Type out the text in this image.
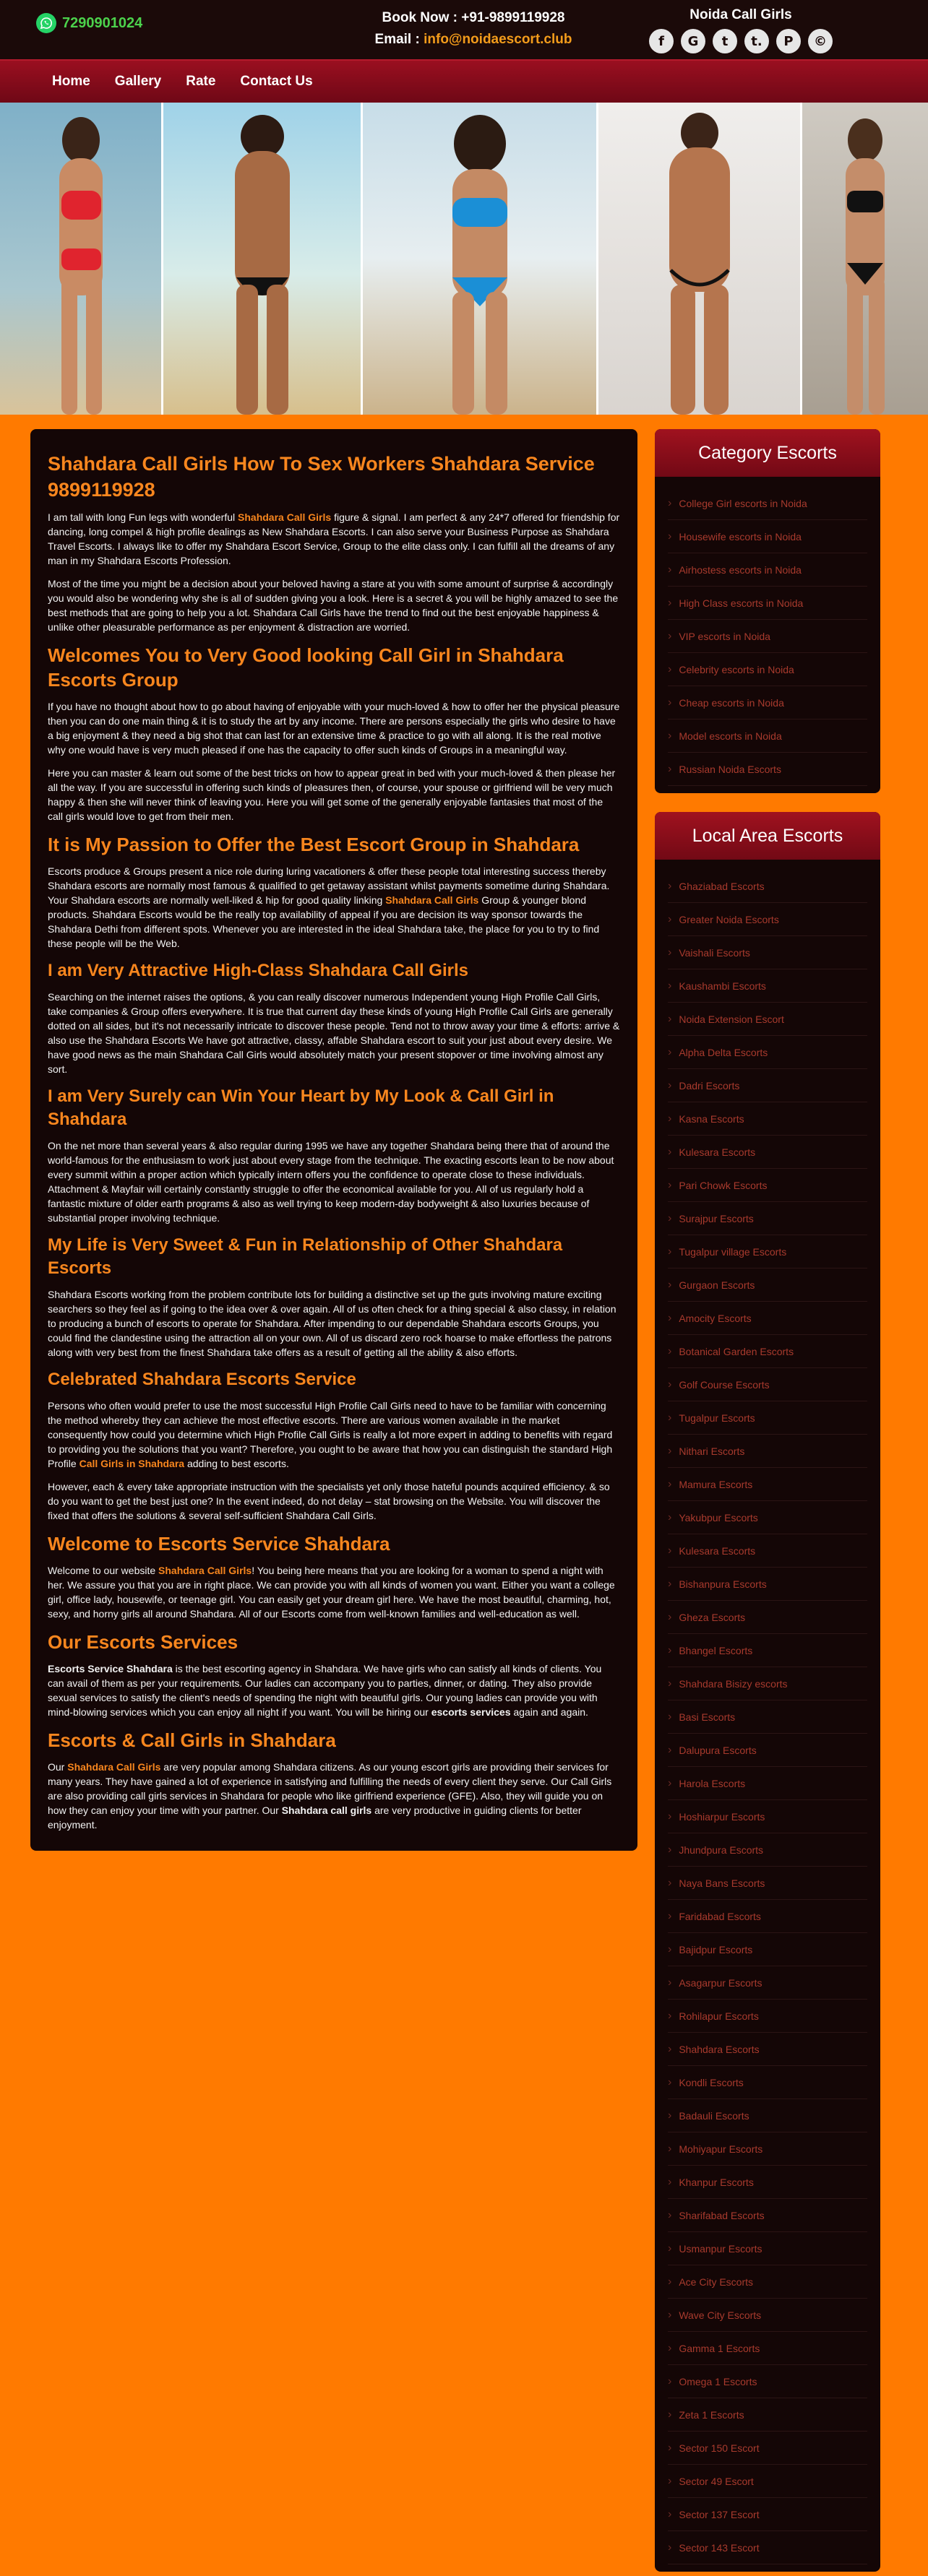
7290901024	Book Now : +91-9899119928
Email : info@noidaescort.club
Noida Call Girls
f	G	t	t.	P	©
Home Gallery Rate Contact Us
Shahdara Call Girls How To Sex Workers Shahdara Service 9899119928

I am tall with long Fun legs with wonderful Shahdara Call Girls figure & signal. I am perfect & any 24*7 offered for friendship for dancing, long compel & high profile dealings as New Shahdara Escorts. I can also serve your Business Purpose as Shahdara Travel Escorts. I always like to offer my Shahdara Escort Service, Group to the elite class only. I can fulfill all the dreams of any man in my Shahdara Escorts Profession.

Most of the time you might be a decision about your beloved having a stare at you with some amount of surprise & accordingly you would also be wondering why she is all of sudden giving you a look. Here is a secret & you will be highly amazed to see the best methods that are going to help you a lot. Shahdara Call Girls have the trend to find out the best enjoyable happiness & unlike other pleasurable performance as per enjoyment & distraction are worried.

Welcomes You to Very Good looking Call Girl in Shahdara Escorts Group

If you have no thought about how to go about having of enjoyable with your much-loved & how to offer her the physical pleasure then you can do one main thing & it is to study the art by any income. There are persons especially the girls who desire to have a big enjoyment & they need a big shot that can last for an extensive time & practice to go with all along. It is the real motive why one would have is very much pleased if one has the capacity to offer such kinds of Groups in a meaningful way.

Here you can master & learn out some of the best tricks on how to appear great in bed with your much-loved & then please her all the way. If you are successful in offering such kinds of pleasures then, of course, your spouse or girlfriend will be very much happy & then she will never think of leaving you. Here you will get some of the generally enjoyable fantasies that most of the call girls would love to get from their men.

It is My Passion to Offer the Best Escort Group in Shahdara

Escorts produce & Groups present a nice role during luring vacationers & offer these people total interesting success thereby Shahdara escorts are normally most famous & qualified to get getaway assistant whilst payments sometime during Shahdara. Your Shahdara escorts are normally well-liked & hip for good quality linking Shahdara Call Girls Group & younger blond products. Shahdara Escorts would be the really top availability of appeal if you are decision its way sponsor towards the Shahdara Dethi from different spots. Whenever you are interested in the ideal Shahdara take, the place for you to try to find these people will be the Web.

I am Very Attractive High-Class Shahdara Call Girls

Searching on the internet raises the options, & you can really discover numerous Independent young High Profile Call Girls, take companies & Group offers everywhere. It is true that current day these kinds of young High Profile Call Girls are generally dotted on all sides, but it's not necessarily intricate to discover these people. Tend not to throw away your time & efforts: arrive & also use the Shahdara Escorts We have got attractive, classy, affable Shahdara escort to suit your just about every desire. We have good news as the main Shahdara Call Girls would absolutely match your present stopover or time involving almost any sort.

I am Very Surely can Win Your Heart by My Look & Call Girl in Shahdara

On the net more than several years & also regular during 1995 we have any together Shahdara being there that of around the world-famous for the enthusiasm to work just about every stage from the technique. The exacting escorts lean to be now about every summit within a proper action which typically intern offers you the confidence to operate close to these individuals. Attachment & Mayfair will certainly constantly struggle to offer the economical available for you. All of us regularly hold a fantastic mixture of older earth programs & also as well trying to keep modern-day bodyweight & also luxuries because of substantial proper involving technique.

My Life is Very Sweet & Fun in Relationship of Other Shahdara Escorts

Shahdara Escorts working from the problem contribute lots for building a distinctive set up the guts involving mature exciting searchers so they feel as if going to the idea over & over again. All of us often check for a thing special & also classy, in relation to producing a bunch of escorts to operate for Shahdara. After impending to our dependable Shahdara escorts Groups, you could find the clandestine using the attraction all on your own. All of us discard zero rock hoarse to make effortless the patrons along with very best from the finest Shahdara take offers as a result of getting all the ability & also efforts.

Celebrated Shahdara Escorts Service

Persons who often would prefer to use the most successful High Profile Call Girls need to have to be familiar with concerning the method whereby they can achieve the most effective escorts. There are various women available in the market consequently how could you determine which High Profile Call Girls is really a lot more expert in adding to benefits with regard to providing you the solutions that you want? Therefore, you ought to be aware that how you can distinguish the standard High Profile Call Girls in Shahdara adding to best escorts.

However, each & every take appropriate instruction with the specialists yet only those hateful pounds acquired efficiency. & so do you want to get the best just one? In the event indeed, do not delay – stat browsing on the Website. You will discover the fixed that offers the solutions & several self-sufficient Shahdara Call Girls.

Welcome to Escorts Service Shahdara

Welcome to our website Shahdara Call Girls! You being here means that you are looking for a woman to spend a night with her. We assure you that you are in right place. We can provide you with all kinds of women you want. Either you want a college girl, office lady, housewife, or teenage girl. You can easily get your dream girl here. We have the most beautiful, charming, hot, sexy, and horny girls all around Shahdara. All of our Escorts come from well-known families and well-education as well.

Our Escorts Services

Escorts Service Shahdara is the best escorting agency in Shahdara. We have girls who can satisfy all kinds of clients. You can avail of them as per your requirements. Our ladies can accompany you to parties, dinner, or dating. They also provide sexual services to satisfy the client's needs of spending the night with beautiful girls. Our young ladies can provide you with mind-blowing services which you can enjoy all night if you want. You will be hiring our escorts services again and again.

Escorts & Call Girls in Shahdara

Our Shahdara Call Girls are very popular among Shahdara citizens. As our young escort girls are providing their services for many years. They have gained a lot of experience in satisfying and fulfilling the needs of every client they serve. Our Call Girls are also providing call girls services in Shahdara for people who like girlfriend experience (GFE). Also, they will guide you on how they can enjoy your time with your partner. Our Shahdara call girls are very productive in guiding clients for better enjoyment.

Category Escorts
› College Girl escorts in Noida
› Housewife escorts in Noida
› Airhostess escorts in Noida
› High Class escorts in Noida
› VIP escorts in Noida
› Celebrity escorts in Noida
› Cheap escorts in Noida
› Model escorts in Noida
› Russian Noida Escorts
Local Area Escorts
› Ghaziabad Escorts
› Greater Noida Escorts
› Vaishali Escorts
› Kaushambi Escorts
› Noida Extension Escort
› Alpha Delta Escorts
› Dadri Escorts
› Kasna Escorts
› Kulesara Escorts
› Pari Chowk Escorts
› Surajpur Escorts
› Tugalpur village Escorts
› Gurgaon Escorts
› Amocity Escorts
› Botanical Garden Escorts
› Golf Course Escorts
› Tugalpur Escorts
› Nithari Escorts
› Mamura Escorts
› Yakubpur Escorts
› Kulesara Escorts
› Bishanpura Escorts
› Gheza Escorts
› Bhangel Escorts
› Shahdara Bisizy escorts
› Basi Escorts
› Dalupura Escorts
› Harola Escorts
› Hoshiarpur Escorts
› Jhundpura Escorts
› Naya Bans Escorts
› Faridabad Escorts
› Bajidpur Escorts
› Asagarpur Escorts
› Rohilapur Escorts
› Shahdara Escorts
› Kondli Escorts
› Badauli Escorts
› Mohiyapur Escorts
› Khanpur Escorts
› Sharifabad Escorts
› Usmanpur Escorts
› Ace City Escorts
› Wave City Escorts
› Gamma 1 Escorts
› Omega 1 Escorts
› Zeta 1 Escorts
› Sector 150 Escort
› Sector 49 Escort
› Sector 137 Escort
› Sector 143 Escort
